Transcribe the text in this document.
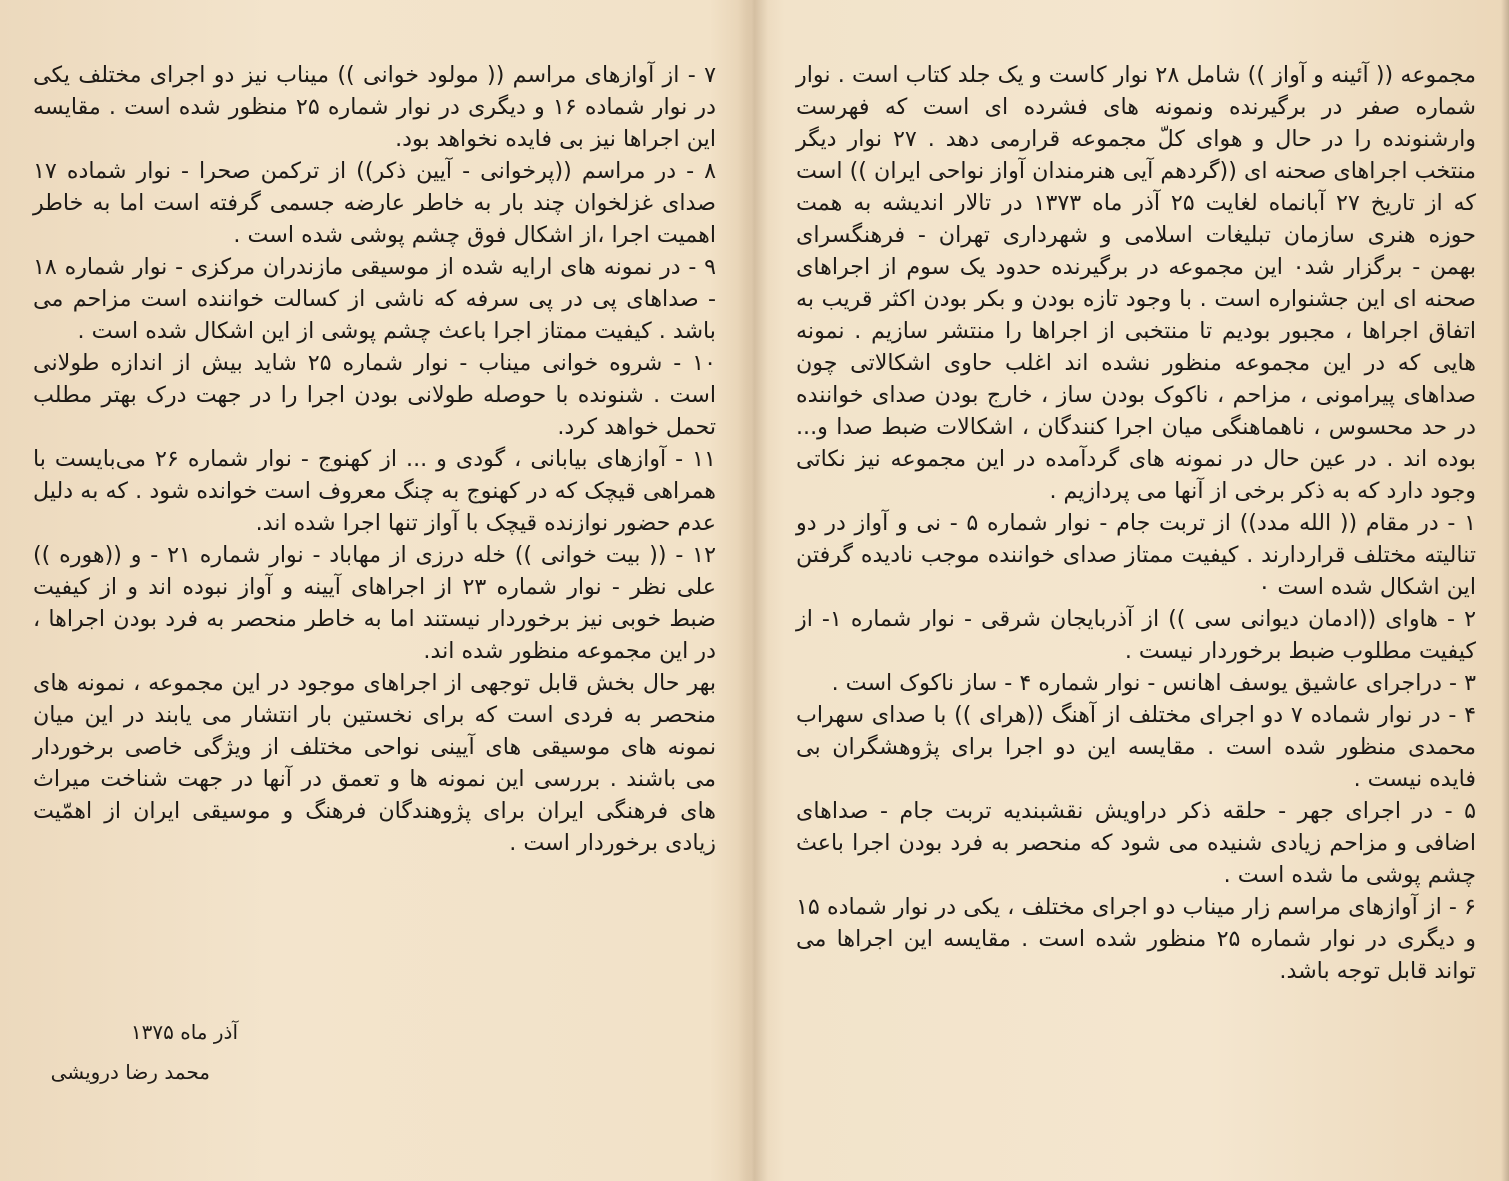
مجموعه (( آئینه و آواز )) شامل ۲۸ نوار کاست و یک جلد کتاب است . نوار شماره صفر در برگیرنده ونمونه های فشرده ای است که فهرست وارشنونده را در حال و هوای کلّ مجموعه قرارمی دهد . ۲۷ نوار دیگر منتخب اجراهای صحنه ای ((گردهم آیی هنرمندان آواز نواحی ایران )) است که از تاریخ ۲۷ آبانماه لغایت ۲۵ آذر ماه ۱۳۷۳ در تالار اندیشه به همت حوزه هنری سازمان تبلیغات اسلامی و شهرداری تهران - فرهنگسرای بهمن - برگزار شد٠ این مجموعه در برگیرنده حدود یک سوم از اجراهای صحنه ای این جشنواره است . با وجود تازه بودن و بکر بودن اکثر قریب به اتفاق اجراها ، مجبور بودیم تا منتخبی از اجراها را منتشر سازیم . نمونه هایی که در این مجموعه منظور نشده اند اغلب حاوی اشکالاتی چون صداهای پیرامونی ، مزاحم ، ناکوک بودن ساز ، خارج بودن صدای خواننده در حد محسوس ، ناهماهنگی میان اجرا کنندگان ، اشکالات ضبط صدا و... بوده اند . در عین حال در نمونه های گردآمده در این مجموعه نیز نکاتی وجود دارد که به ذکر برخی از آنها می پردازیم .

۱ - در مقام (( الله مدد)) از تربت جام - نوار شماره ۵ - نی و آواز در دو تنالیته مختلف قراردارند . کیفیت ممتاز صدای خواننده موجب نادیده گرفتن این اشکال شده است ٠

۲ - هاوای ((ادمان دیوانی سی )) از آذربایجان شرقی - نوار شماره ۱- از کیفیت مطلوب ضبط برخوردار نیست .

۳ - دراجرای عاشیق یوسف اهانس - نوار شماره ۴ - ساز ناکوک است .

۴ - در نوار شماده ۷ دو اجرای مختلف از آهنگ ((هرای )) با صدای سهراب محمدی منظور شده است . مقایسه این دو اجرا برای پژوهشگران بی فایده نیست .

۵ - در اجرای جهر - حلقه ذکر دراویش نقشبندیه تربت جام - صداهای اضافی و مزاحم زیادی شنیده می شود که منحصر به فرد بودن اجرا باعث چشم پوشی ما شده است .

۶ - از آوازهای مراسم زار میناب دو اجرای مختلف ، یکی در نوار شماده ۱۵ و دیگری در نوار شماره ۲۵ منظور شده است . مقایسه این اجراها می تواند قابل توجه باشد.

۷ - از آوازهای مراسم (( مولود خوانی )) میناب نیز دو اجرای مختلف یکی در نوار شماده ۱۶ و دیگری در نوار شماره ۲۵ منظور شده است . مقایسه این اجراها نیز بی فایده نخواهد بود.

۸ - در مراسم ((پرخوانی - آیین ذکر)) از ترکمن صحرا - نوار شماده ۱۷ صدای غزلخوان چند بار به خاطر عارضه جسمی گرفته است اما به خاطر اهمیت اجرا ،از اشکال فوق چشم پوشی شده است .

۹ - در نمونه های ارایه شده از موسیقی مازندران مرکزی - نوار شماره ۱۸ - صداهای پی در پی سرفه که ناشی از کسالت خواننده است مزاحم می باشد . کیفیت ممتاز اجرا باعث چشم پوشی از این اشکال شده است .

۱۰ - شروه خوانی میناب - نوار شماره ۲۵ شاید بیش از اندازه طولانی است . شنونده با حوصله طولانی بودن اجرا را در جهت درک بهتر مطلب تحمل خواهد کرد.

۱۱ - آوازهای بیابانی ، گودی و ... از کهنوج - نوار شماره ۲۶ می‌بایست با همراهی قیچک که در کهنوج به چنگ معروف است خوانده شود . که به دلیل عدم حضور نوازنده قیچک با آواز تنها اجرا شده اند.

۱۲ - (( بیت خوانی )) خله درزی از مهاباد - نوار شماره ۲۱ - و ((هوره )) علی نظر - نوار شماره ۲۳ از اجراهای آیینه و آواز نبوده اند و از کیفیت ضبط خوبی نیز برخوردار نیستند اما به خاطر منحصر به فرد بودن اجراها ، در این مجموعه منظور شده اند.

بهر حال بخش قابل توجهی از اجراهای موجود در این مجموعه ، نمونه های منحصر به فردی است که برای نخستین بار انتشار می یابند در این میان نمونه های موسیقی های آیینی نواحی مختلف از ویژگی خاصی برخوردار می باشند . بررسی این نمونه ها و تعمق در آنها در جهت شناخت میراث های فرهنگی ایران برای پژوهندگان فرهنگ و موسیقی ایران از اهمّیت زیادی برخوردار است .

آذر ماه ۱۳۷۵
محمد رضا درویشی
